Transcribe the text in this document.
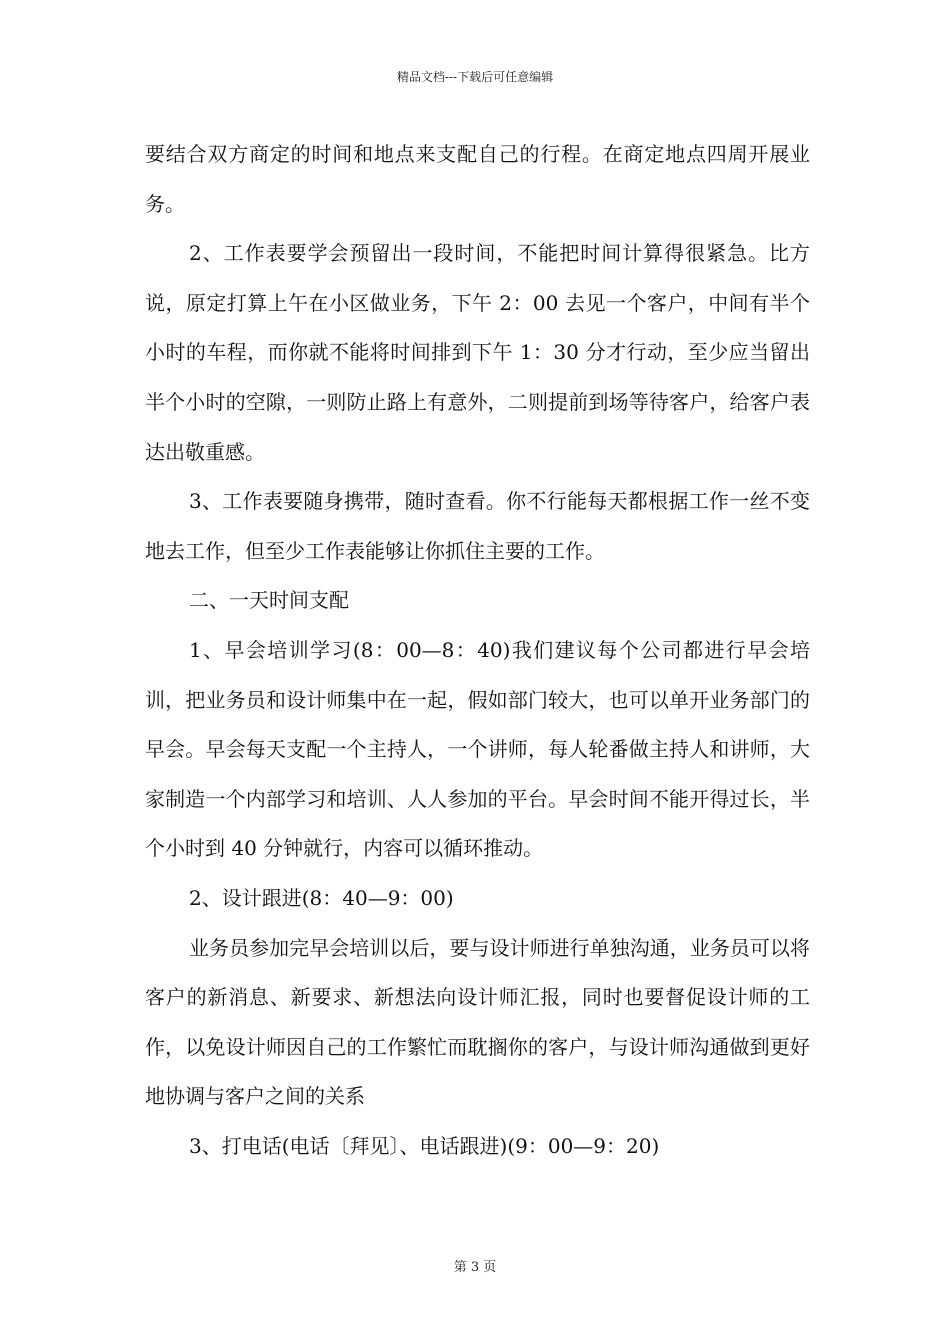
精品文档---下载后可任意编辑

要结合双方商定的时间和地点来支配自己的行程。在商定地点四周开展业务。

2、工作表要学会预留出一段时间，不能把时间计算得很紧急。比方说，原定打算上午在小区做业务，下午 2：00 去见一个客户，中间有半个小时的车程，而你就不能将时间排到下午 1：30 分才行动，至少应当留出半个小时的空隙，一则防止路上有意外，二则提前到场等待客户，给客户表达出敬重感。

3、工作表要随身携带，随时查看。你不行能每天都根据工作一丝不变地去工作，但至少工作表能够让你抓住主要的工作。

二、一天时间支配

1、早会培训学习(8：00—8：40)我们建议每个公司都进行早会培训，把业务员和设计师集中在一起，假如部门较大，也可以单开业务部门的早会。早会每天支配一个主持人，一个讲师，每人轮番做主持人和讲师，大家制造一个内部学习和培训、人人参加的平台。早会时间不能开得过长，半个小时到 40 分钟就行，内容可以循环推动。

2、设计跟进(8：40—9：00)

业务员参加完早会培训以后，要与设计师进行单独沟通，业务员可以将客户的新消息、新要求、新想法向设计师汇报，同时也要督促设计师的工作，以免设计师因自己的工作繁忙而耽搁你的客户，与设计师沟通做到更好地协调与客户之间的关系

3、打电话(电话〔拜见〕、电话跟进)(9：00—9：20)

第 3 页
